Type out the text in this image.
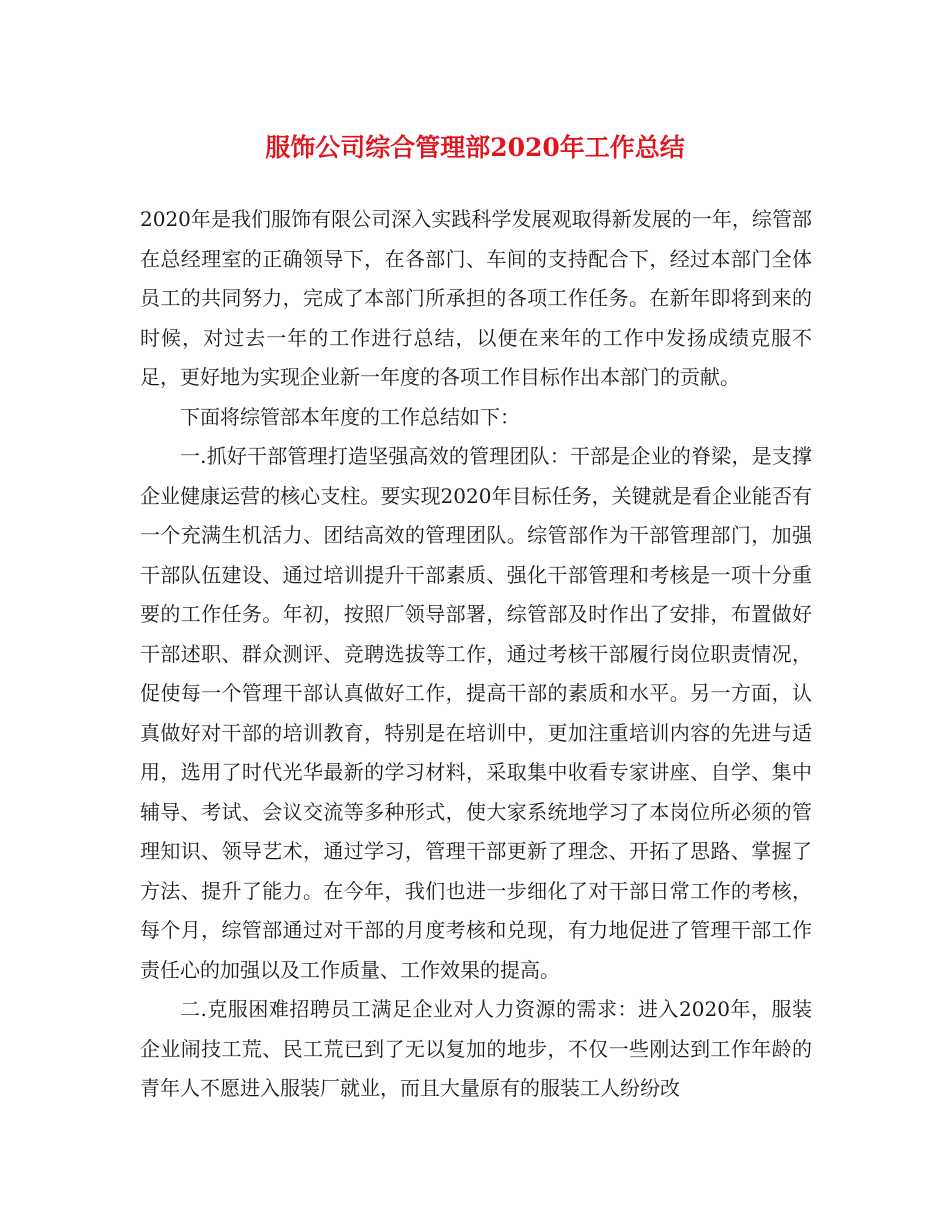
服饰公司综合管理部2020年工作总结

2020年是我们服饰有限公司深入实践科学发展观取得新发展的一年，综管部在总经理室的正确领导下，在各部门、车间的支持配合下，经过本部门全体员工的共同努力，完成了本部门所承担的各项工作任务。在新年即将到来的时候，对过去一年的工作进行总结，以便在来年的工作中发扬成绩克服不足，更好地为实现企业新一年度的各项工作目标作出本部门的贡献。

下面将综管部本年度的工作总结如下：

一.抓好干部管理打造坚强高效的管理团队：干部是企业的脊梁，是支撑企业健康运营的核心支柱。要实现2020年目标任务，关键就是看企业能否有一个充满生机活力、团结高效的管理团队。综管部作为干部管理部门，加强干部队伍建设、通过培训提升干部素质、强化干部管理和考核是一项十分重要的工作任务。年初，按照厂领导部署，综管部及时作出了安排，布置做好干部述职、群众测评、竞聘选拔等工作，通过考核干部履行岗位职责情况，促使每一个管理干部认真做好工作，提高干部的素质和水平。另一方面，认真做好对干部的培训教育，特别是在培训中，更加注重培训内容的先进与适用，选用了时代光华最新的学习材料，采取集中收看专家讲座、自学、集中辅导、考试、会议交流等多种形式，使大家系统地学习了本岗位所必须的管理知识、领导艺术，通过学习，管理干部更新了理念、开拓了思路、掌握了方法、提升了能力。在今年，我们也进一步细化了对干部日常工作的考核，每个月，综管部通过对干部的月度考核和兑现，有力地促进了管理干部工作责任心的加强以及工作质量、工作效果的提高。

二.克服困难招聘员工满足企业对人力资源的需求：进入2020年，服装企业闹技工荒、民工荒已到了无以复加的地步，不仅一些刚达到工作年龄的青年人不愿进入服装厂就业，而且大量原有的服装工人纷纷改
